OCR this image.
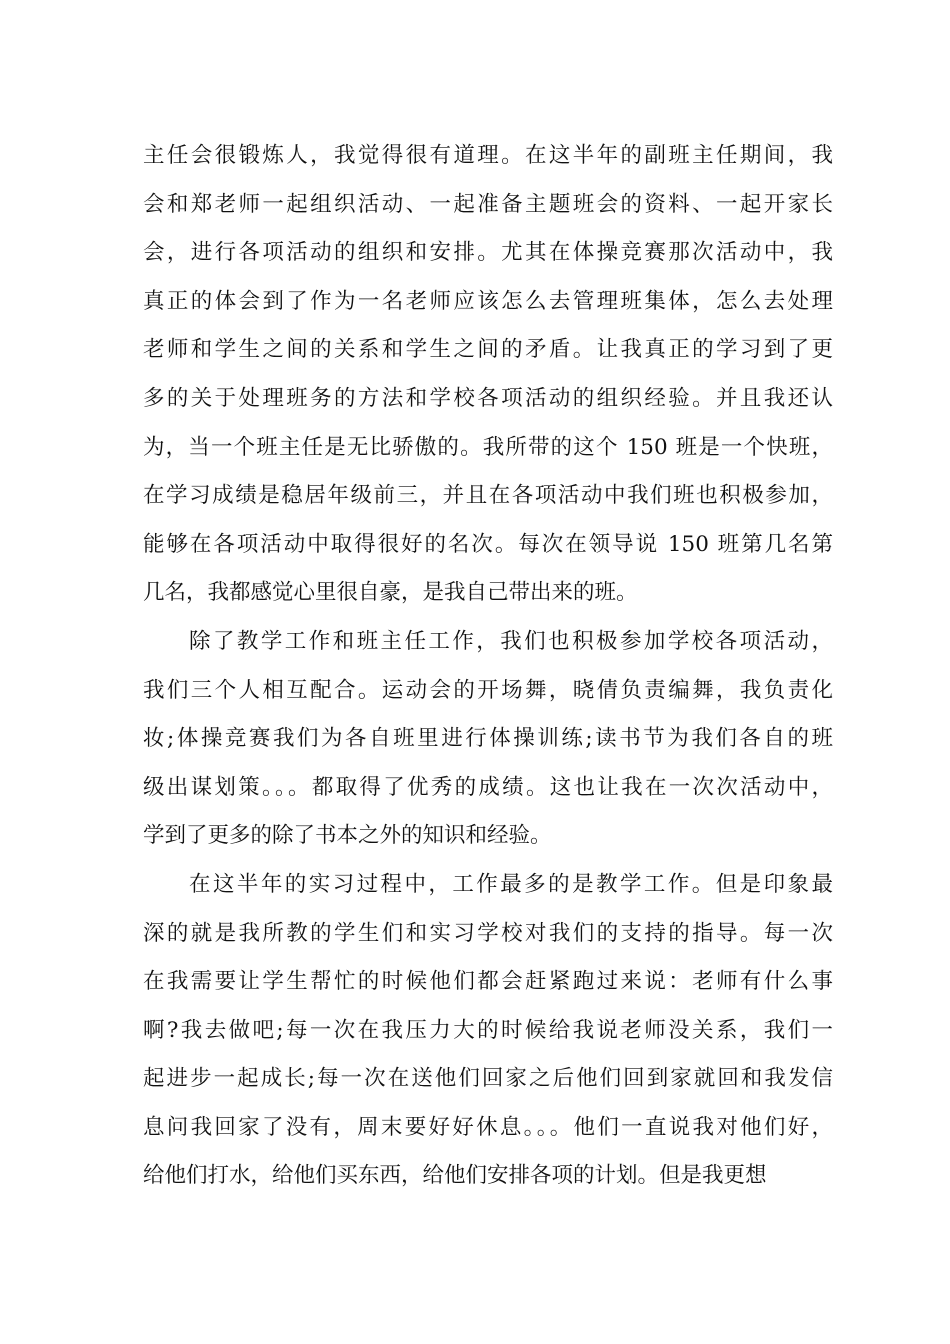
主任会很锻炼人，我觉得很有道理。在这半年的副班主任期间，我
会和郑老师一起组织活动、一起准备主题班会的资料、一起开家长
会，进行各项活动的组织和安排。尤其在体操竞赛那次活动中，我
真正的体会到了作为一名老师应该怎么去管理班集体，怎么去处理
老师和学生之间的关系和学生之间的矛盾。让我真正的学习到了更
多的关于处理班务的方法和学校各项活动的组织经验。并且我还认
为，当一个班主任是无比骄傲的。我所带的这个 150 班是一个快班，
在学习成绩是稳居年级前三，并且在各项活动中我们班也积极参加，
能够在各项活动中取得很好的名次。每次在领导说 150 班第几名第
几名，我都感觉心里很自豪，是我自己带出来的班。
除了教学工作和班主任工作，我们也积极参加学校各项活动，
我们三个人相互配合。运动会的开场舞，晓倩负责编舞，我负责化
妆;体操竞赛我们为各自班里进行体操训练;读书节为我们各自的班
级出谋划策。。。都取得了优秀的成绩。这也让我在一次次活动中，
学到了更多的除了书本之外的知识和经验。
在这半年的实习过程中，工作最多的是教学工作。但是印象最
深的就是我所教的学生们和实习学校对我们的支持的指导。每一次
在我需要让学生帮忙的时候他们都会赶紧跑过来说：老师有什么事
啊?我去做吧;每一次在我压力大的时候给我说老师没关系，我们一
起进步一起成长;每一次在送他们回家之后他们回到家就回和我发信
息问我回家了没有，周末要好好休息。。。他们一直说我对他们好，
给他们打水，给他们买东西，给他们安排各项的计划。但是我更想
